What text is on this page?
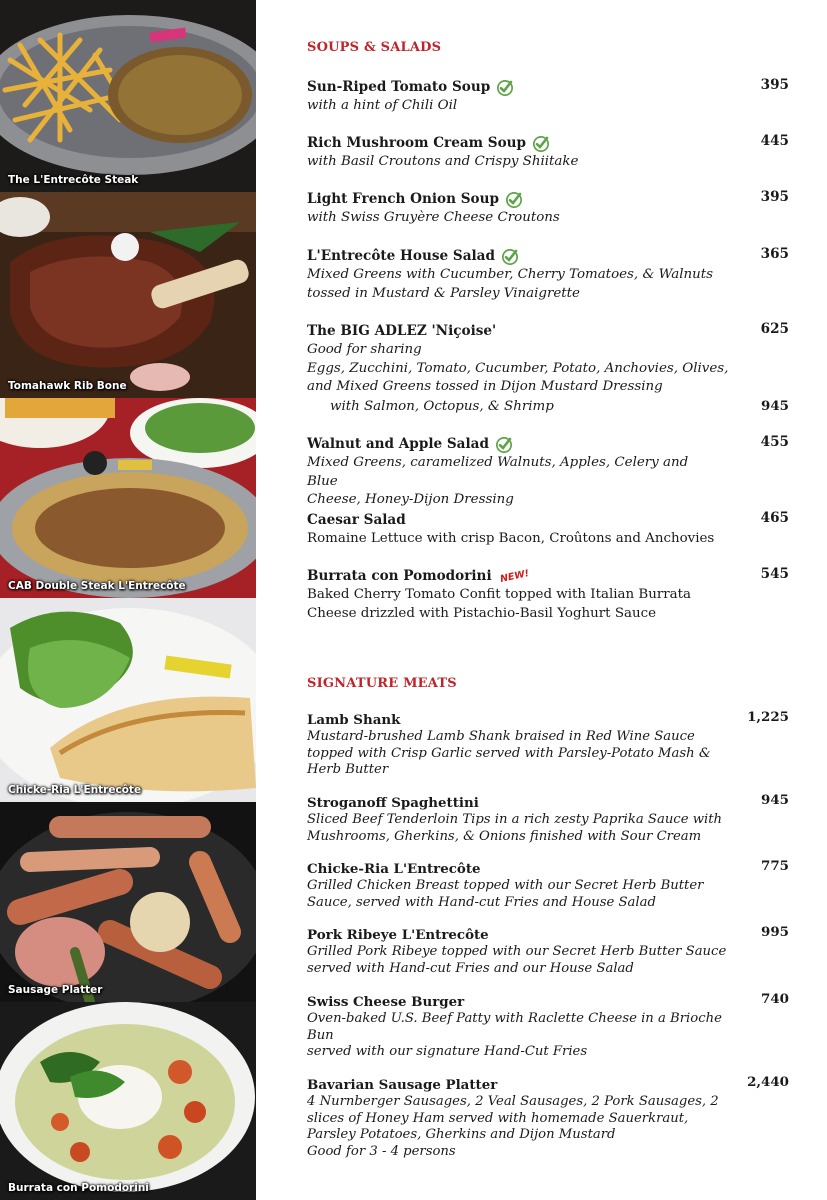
The L'Entrecôte Steak
Tomahawk Rib Bone
CAB Double Steak L'Entrecôte
Chicke-Ria L'Entrecôte
Sausage Platter
Burrata con Pomodorini
SOUPS & SALADS
Sun-Riped Tomato Soup	395
with a hint of Chili Oil
Rich Mushroom Cream Soup	445
with Basil Croutons and Crispy Shiitake
Light French Onion Soup	395
with Swiss Gruyère Cheese Croutons
L'Entrecôte House Salad	365
Mixed Greens with Cucumber, Cherry Tomatoes, & Walnuts
tossed in Mustard & Parsley Vinaigrette
The BIG ADLEZ 'Niçoise'	625
Good for sharing
Eggs, Zucchini, Tomato, Cucumber, Potato, Anchovies, Olives,
and Mixed Greens tossed in Dijon Mustard Dressing
with Salmon, Octopus, & Shrimp	945
Walnut and Apple Salad	455
Mixed Greens, caramelized Walnuts, Apples, Celery and Blue
Cheese, Honey-Dijon Dressing
Caesar Salad	465
Romaine Lettuce with crisp Bacon, Croûtons and Anchovies
Burrata con Pomodorini NEW!	545
Baked Cherry Tomato Confit topped with Italian Burrata
Cheese drizzled with Pistachio-Basil Yoghurt Sauce
SIGNATURE MEATS
Lamb Shank	1,225
Mustard-brushed Lamb Shank braised in Red Wine Sauce
topped with Crisp Garlic served with Parsley-Potato Mash &
Herb Butter
Stroganoff Spaghettini	945
Sliced Beef Tenderloin Tips in a rich zesty Paprika Sauce with
Mushrooms, Gherkins, & Onions finished with Sour Cream
Chicke-Ria L'Entrecôte	775
Grilled Chicken Breast topped with our Secret Herb Butter
Sauce, served with Hand-cut Fries and House Salad
Pork Ribeye L'Entrecôte	995
Grilled Pork Ribeye topped with our Secret Herb Butter Sauce
served with Hand-cut Fries and our House Salad
Swiss Cheese Burger	740
Oven-baked U.S. Beef Patty with Raclette Cheese in a Brioche
Bun
served with our signature Hand-Cut Fries
Bavarian Sausage Platter	2,440
4 Nurnberger Sausages, 2 Veal Sausages, 2 Pork Sausages, 2
slices of Honey Ham served with homemade Sauerkraut,
Parsley Potatoes, Gherkins and Dijon Mustard
Good for 3 - 4 persons
